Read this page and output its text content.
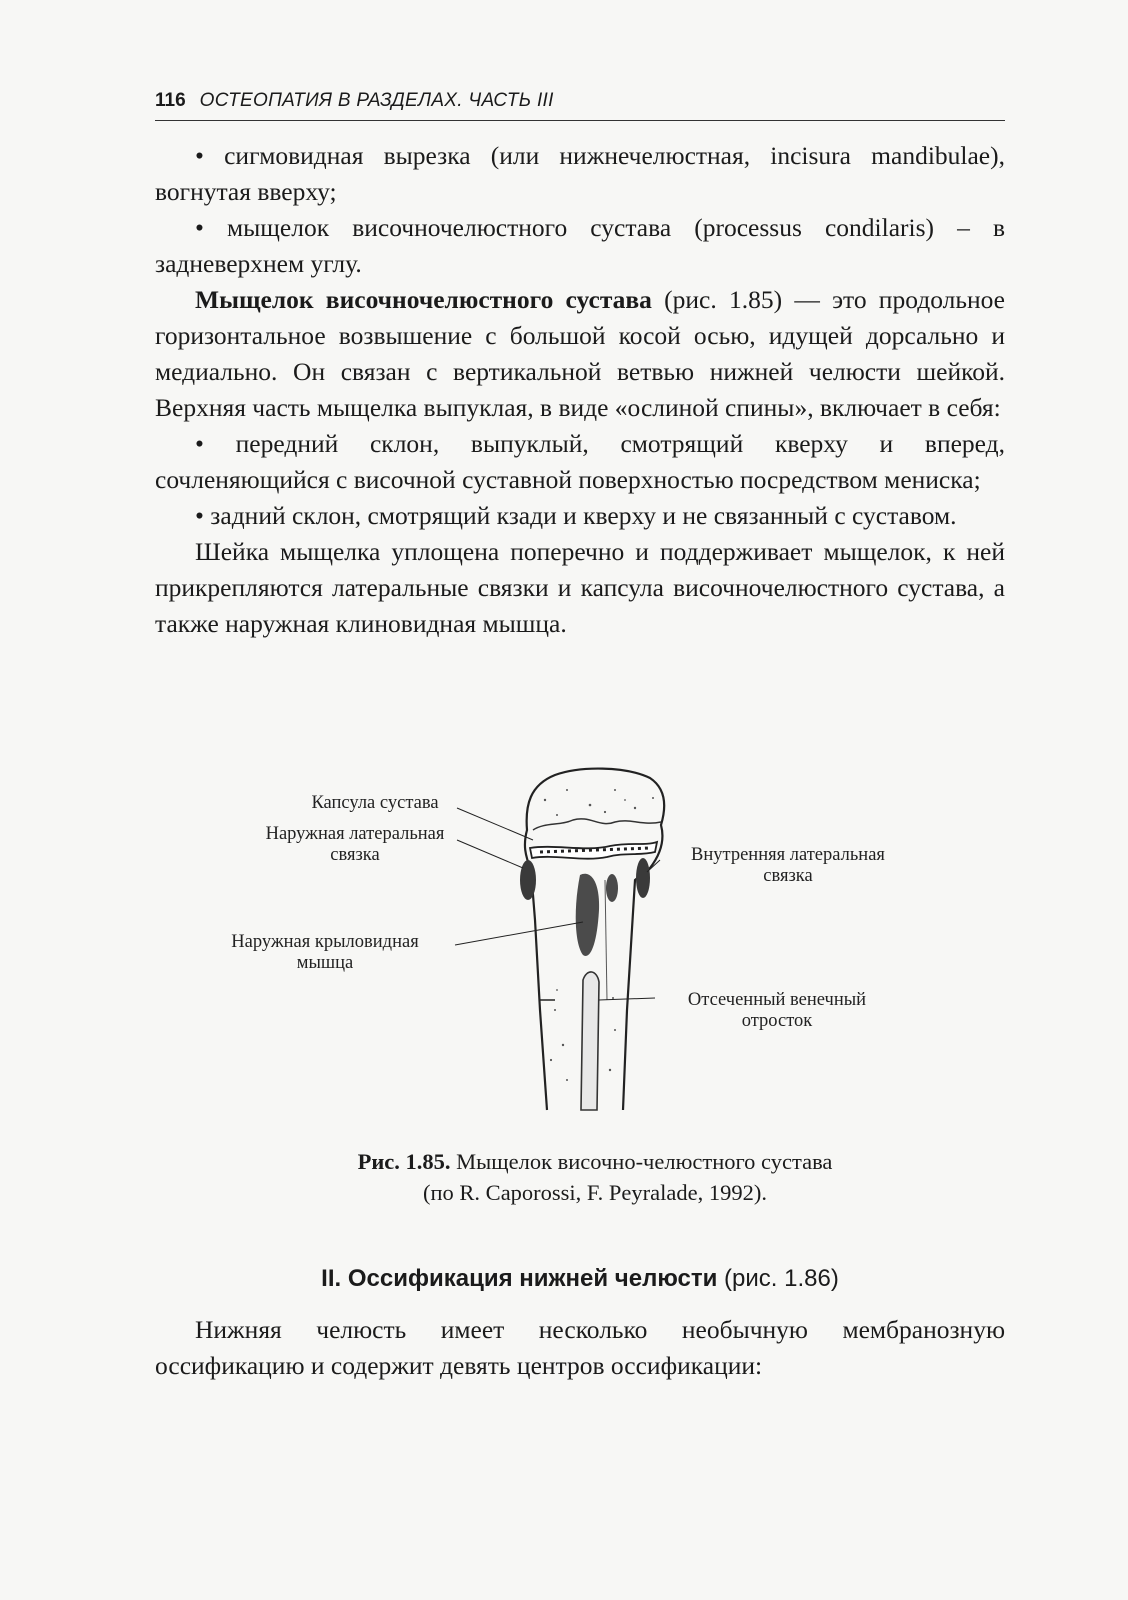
116 ОСТЕОПАТИЯ В РАЗДЕЛАХ. ЧАСТЬ III

• сигмовидная вырезка (или нижнечелюстная, incisura mandibulae), вогнутая вверху;

• мыщелок височночелюстного сустава (processus condilaris) – в задневерхнем углу.

Мыщелок височночелюстного сустава (рис. 1.85) — это продольное горизонтальное возвышение с большой косой осью, идущей дорсально и медиально. Он связан с вертикальной ветвью нижней челюсти шейкой. Верхняя часть мыщелка выпуклая, в виде «ослиной спины», включает в себя:

• передний склон, выпуклый, смотрящий кверху и вперед, сочленяющийся с височной суставной поверхностью посредством мениска;

• задний склон, смотрящий кзади и кверху и не связанный с суставом.

Шейка мыщелка уплощена поперечно и поддерживает мыщелок, к ней прикрепляются латеральные связки и капсула височночелюстного сустава, а также наружная клиновидная мышца.

Капсула сустава
Наружная латеральная
связка	Внутренняя латеральная
связка
Наружная крыловидная
мышца
Отсеченный венечный
отросток
Рис. 1.85. Мыщелок височно-челюстного сустава
(по R. Caporossi, F. Peyralade, 1992).
II. Оссификация нижней челюсти (рис. 1.86)

Нижняя челюсть имеет несколько необычную мембранозную оссификацию и содержит девять центров оссификации:
